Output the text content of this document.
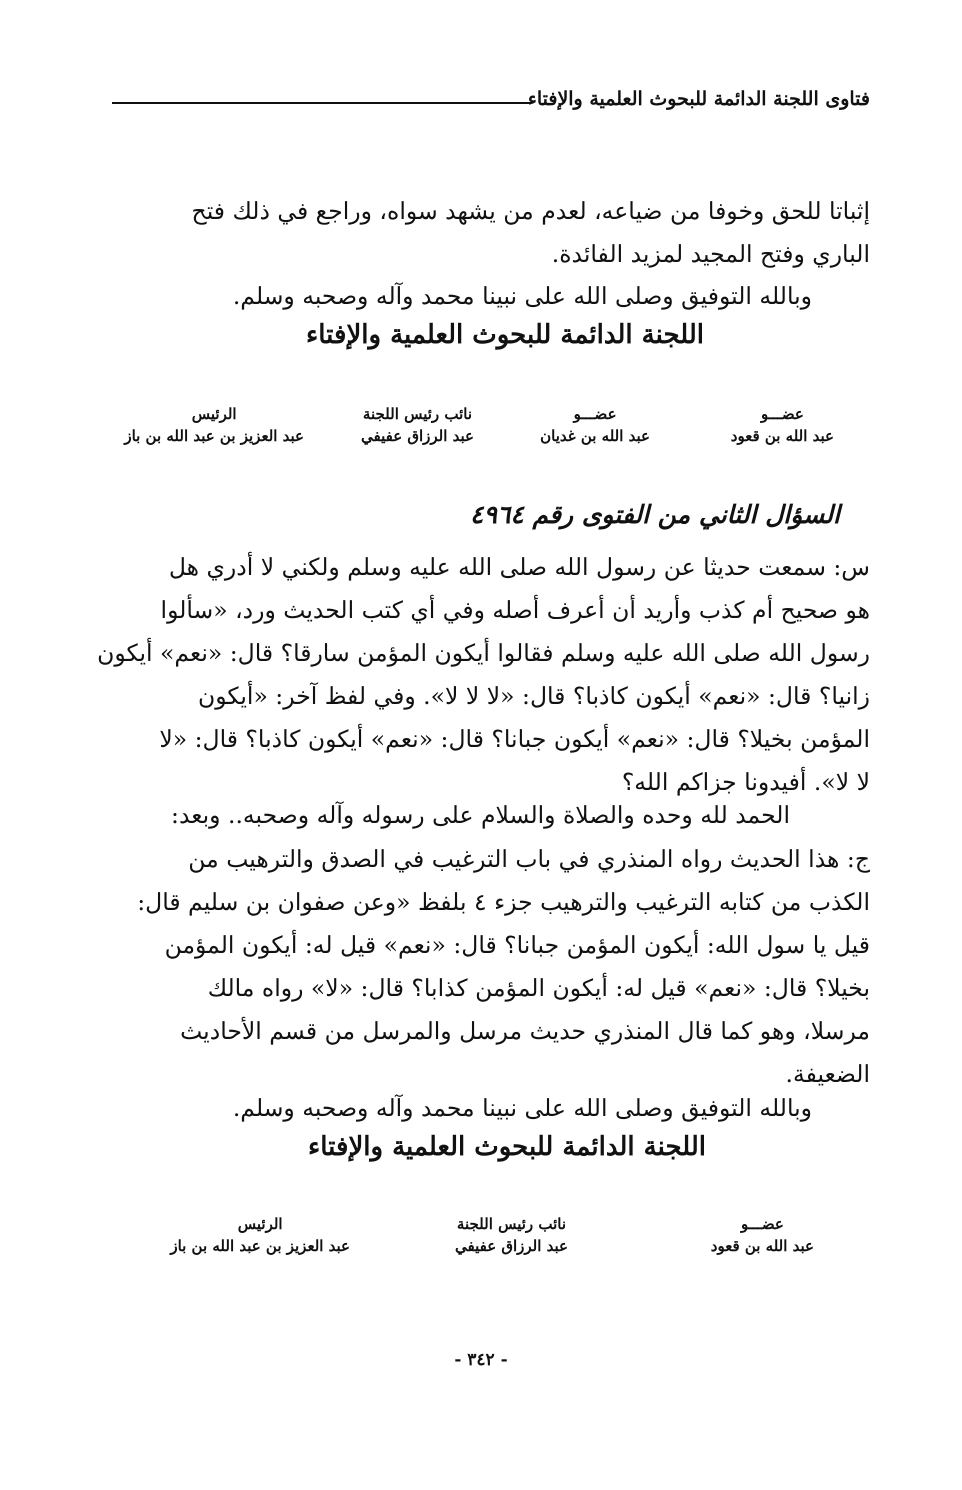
فتاوى اللجنة الدائمة للبحوث العلمية والإفتاء
إثباتا للحق وخوفا من ضياعه، لعدم من يشهد سواه، وراجع في ذلك فتح
الباري وفتح المجيد لمزيد الفائدة.
وبالله التوفيق وصلى الله على نبينا محمد وآله وصحبه وسلم.
اللجنة الدائمة للبحوث العلمية والإفتاء
عضـــو
عبد الله بن قعود
عضـــو
عبد الله بن غديان
نائب رئيس اللجنة
عبد الرزاق عفيفي
الرئيس
عبد العزيز بن عبد الله بن باز
السؤال الثاني من الفتوى رقم ٤٩٦٤
س: سمعت حديثا عن رسول الله صلى الله عليه وسلم ولكني لا أدري هل
هو صحيح أم كذب وأريد أن أعرف أصله وفي أي كتب الحديث ورد، «سألوا
رسول الله صلى الله عليه وسلم فقالوا أيكون المؤمن سارقا؟ قال: «نعم» أيكون
زانيا؟ قال: «نعم» أيكون كاذبا؟ قال: «لا لا لا». وفي لفظ آخر: «أيكون
المؤمن بخيلا؟ قال: «نعم» أيكون جبانا؟ قال: «نعم» أيكون كاذبا؟ قال: «لا
لا لا». أفيدونا جزاكم الله؟
الحمد لله وحده والصلاة والسلام على رسوله وآله وصحبه.. وبعد:
ج: هذا الحديث رواه المنذري في باب الترغيب في الصدق والترهيب من
الكذب من كتابه الترغيب والترهيب جزء ٤ بلفظ «وعن صفوان بن سليم قال:
قيل يا سول الله: أيكون المؤمن جبانا؟ قال: «نعم» قيل له: أيكون المؤمن
بخيلا؟ قال: «نعم» قيل له: أيكون المؤمن كذابا؟ قال: «لا» رواه مالك
مرسلا، وهو كما قال المنذري حديث مرسل والمرسل من قسم الأحاديث
الضعيفة.
وبالله التوفيق وصلى الله على نبينا محمد وآله وصحبه وسلم.
اللجنة الدائمة للبحوث العلمية والإفتاء
عضـــو
عبد الله بن قعود
نائب رئيس اللجنة
عبد الرزاق عفيفي
الرئيس
عبد العزيز بن عبد الله بن باز
- ٣٤٢ -
